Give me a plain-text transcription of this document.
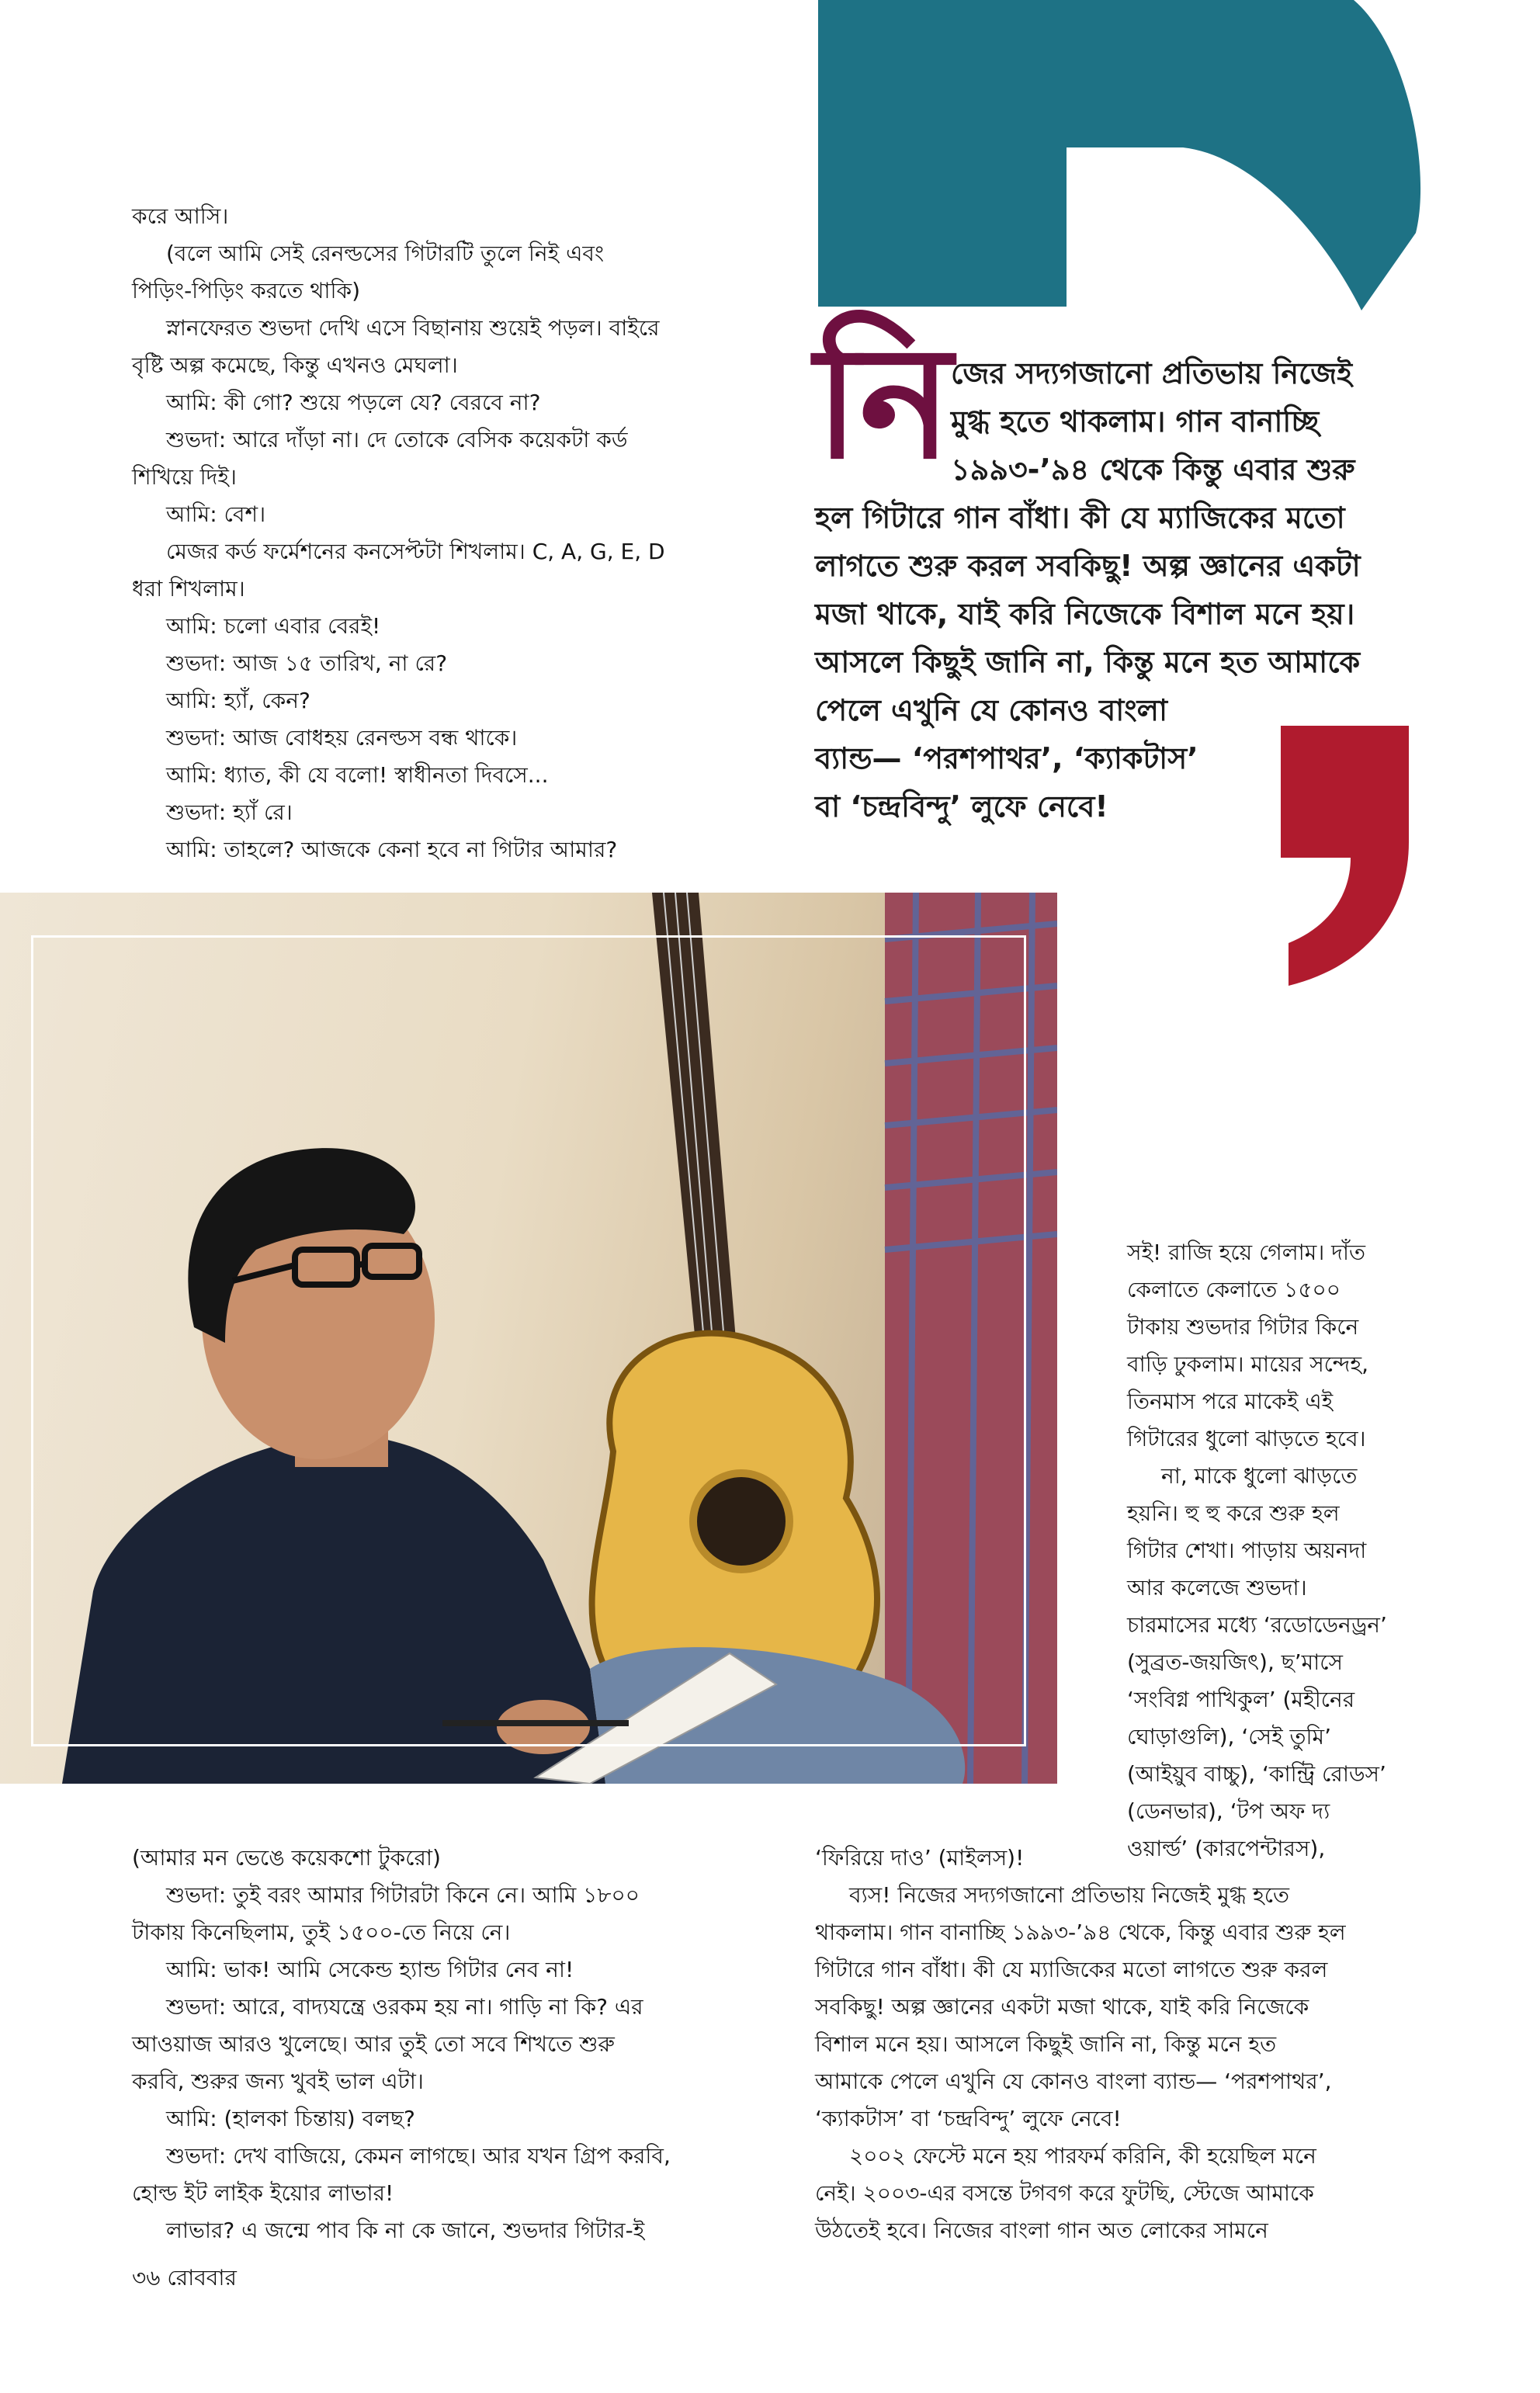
করে আসি।

(বলে আমি সেই রেনল্ডসের গিটারটি তুলে নিই এবং

পিড়িং-পিড়িং করতে থাকি)

স্নানফেরত শুভদা দেখি এসে বিছানায় শুয়েই পড়ল। বাইরে

বৃষ্টি অল্প কমেছে, কিন্তু এখনও মেঘলা।

আমি: কী গো? শুয়ে পড়লে যে? বেরবে না?

শুভদা: আরে দাঁড়া না। দে তোকে বেসিক কয়েকটা কর্ড

শিখিয়ে দিই।

আমি: বেশ।

মেজর কর্ড ফর্মেশনের কনসেপ্টটা শিখলাম। C, A, G, E, D

ধরা শিখলাম।

আমি: চলো এবার বেরই!

শুভদা: আজ ১৫ তারিখ, না রে?

আমি: হ্যাঁ, কেন?

শুভদা: আজ বোধহয় রেনল্ডস বন্ধ থাকে।

আমি: ধ্যাত, কী যে বলো! স্বাধীনতা দিবসে...

শুভদা: হ্যাঁ রে।

আমি: তাহলে? আজকে কেনা হবে না গিটার আমার?

নি

জের সদ্যগজানো প্রতিভায় নিজেই

মুগ্ধ হতে থাকলাম। গান বানাচ্ছি

১৯৯৩-’৯৪ থেকে কিন্তু এবার শুরু

হল গিটারে গান বাঁধা। কী যে ম্যাজিকের মতো

লাগতে শুরু করল সবকিছু! অল্প জ্ঞানের একটা

মজা থাকে, যাই করি নিজেকে বিশাল মনে হয়।

আসলে কিছুই জানি না, কিন্তু মনে হত আমাকে

পেলে এখুনি যে কোনও বাংলা

ব্যান্ড— ‘পরশপাথর’, ‘ক্যাকটাস’

বা ‘চন্দ্রবিন্দু’ লুফে নেবে!

সই! রাজি হয়ে গেলাম। দাঁত

কেলাতে কেলাতে ১৫০০

টাকায় শুভদার গিটার কিনে

বাড়ি ঢুকলাম। মায়ের সন্দেহ,

তিনমাস পরে মাকেই এই

গিটারের ধুলো ঝাড়তে হবে।

না, মাকে ধুলো ঝাড়তে

হয়নি। হু হু করে শুরু হল

গিটার শেখা। পাড়ায় অয়নদা

আর কলেজে শুভদা।

চারমাসের মধ্যে ‘রডোডেনড্রন’

(সুব্রত-জয়জিৎ), ছ’মাসে

‘সংবিগ্ন পাখিকুল’ (মহীনের

ঘোড়াগুলি), ‘সেই তুমি’

(আইয়ুব বাচ্চু), ‘কান্ট্রি রোডস’

(ডেনভার), ‘টপ অফ দ্য

ওয়ার্ল্ড’ (কারপেন্টারস),

(আমার মন ভেঙে কয়েকশো টুকরো)

শুভদা: তুই বরং আমার গিটারটা কিনে নে। আমি ১৮০০

টাকায় কিনেছিলাম, তুই ১৫০০-তে নিয়ে নে।

আমি: ভাক! আমি সেকেন্ড হ্যান্ড গিটার নেব না!

শুভদা: আরে, বাদ্যযন্ত্রে ওরকম হয় না। গাড়ি না কি? এর

আওয়াজ আরও খুলেছে। আর তুই তো সবে শিখতে শুরু

করবি, শুরুর জন্য খুবই ভাল এটা।

আমি: (হালকা চিন্তায়) বলছ?

শুভদা: দেখ বাজিয়ে, কেমন লাগছে। আর যখন গ্রিপ করবি,

হোল্ড ইট লাইক ইয়োর লাভার!

লাভার? এ জন্মে পাব কি না কে জানে, শুভদার গিটার-ই

‘ফিরিয়ে দাও’ (মাইলস)!

ব্যস! নিজের সদ্যগজানো প্রতিভায় নিজেই মুগ্ধ হতে

থাকলাম। গান বানাচ্ছি ১৯৯৩-’৯৪ থেকে, কিন্তু এবার শুরু হল

গিটারে গান বাঁধা। কী যে ম্যাজিকের মতো লাগতে শুরু করল

সবকিছু! অল্প জ্ঞানের একটা মজা থাকে, যাই করি নিজেকে

বিশাল মনে হয়। আসলে কিছুই জানি না, কিন্তু মনে হত

আমাকে পেলে এখুনি যে কোনও বাংলা ব্যান্ড— ‘পরশপাথর’,

‘ক্যাকটাস’ বা ‘চন্দ্রবিন্দু’ লুফে নেবে!

২০০২ ফেস্টে মনে হয় পারফর্ম করিনি, কী হয়েছিল মনে

নেই। ২০০৩-এর বসন্তে টগবগ করে ফুটছি, স্টেজে আমাকে

উঠতেই হবে। নিজের বাংলা গান অত লোকের সামনে

৩৬ রোববার
